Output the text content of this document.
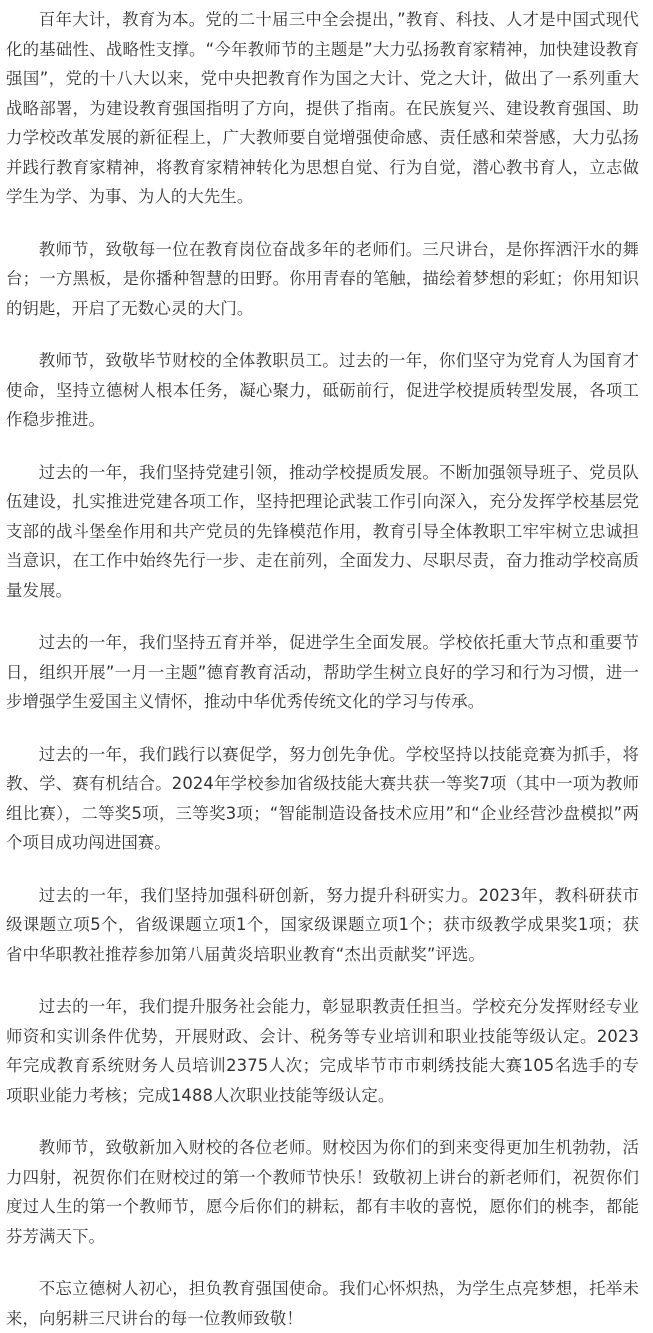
百年大计，教育为本。党的二十届三中全会提出，”教育、科技、人才是中国式现代化的基础性、战略性支撑。“今年教师节的主题是”大力弘扬教育家精神，加快建设教育强国”，党的十八大以来，党中央把教育作为国之大计、党之大计，做出了一系列重大战略部署，为建设教育强国指明了方向，提供了指南。在民族复兴、建设教育强国、助力学校改革发展的新征程上，广大教师要自觉增强使命感、责任感和荣誉感，大力弘扬并践行教育家精神，将教育家精神转化为思想自觉、行为自觉，潜心教书育人，立志做学生为学、为事、为人的大先生。

教师节，致敬每一位在教育岗位奋战多年的老师们。三尺讲台，是你挥洒汗水的舞台；一方黑板，是你播种智慧的田野。你用青春的笔触，描绘着梦想的彩虹；你用知识的钥匙，开启了无数心灵的大门。

教师节，致敬毕节财校的全体教职员工。过去的一年，你们坚守为党育人为国育才使命，坚持立德树人根本任务，凝心聚力，砥砺前行，促进学校提质转型发展，各项工作稳步推进。

过去的一年，我们坚持党建引领，推动学校提质发展。不断加强领导班子、党员队伍建设，扎实推进党建各项工作，坚持把理论武装工作引向深入，充分发挥学校基层党支部的战斗堡垒作用和共产党员的先锋模范作用，教育引导全体教职工牢牢树立忠诚担当意识，在工作中始终先行一步、走在前列，全面发力、尽职尽责，奋力推动学校高质量发展。

过去的一年，我们坚持五育并举，促进学生全面发展。学校依托重大节点和重要节日，组织开展”一月一主题”德育教育活动，帮助学生树立良好的学习和行为习惯，进一步增强学生爱国主义情怀，推动中华优秀传统文化的学习与传承。

过去的一年，我们践行以赛促学，努力创先争优。学校坚持以技能竞赛为抓手，将教、学、赛有机结合。2024年学校参加省级技能大赛共获一等奖7项（其中一项为教师组比赛），二等奖5项，三等奖3项；“智能制造设备技术应用”和“企业经营沙盘模拟”两个项目成功闯进国赛。

过去的一年，我们坚持加强科研创新，努力提升科研实力。2023年，教科研获市级课题立项5个，省级课题立项1个，国家级课题立项1个；获市级教学成果奖1项；获省中华职教社推荐参加第八届黄炎培职业教育“杰出贡献奖”评选。

过去的一年，我们提升服务社会能力，彰显职教责任担当。学校充分发挥财经专业师资和实训条件优势，开展财政、会计、税务等专业培训和职业技能等级认定。2023年完成教育系统财务人员培训2375人次；完成毕节市市刺绣技能大赛105名选手的专项职业能力考核；完成1488人次职业技能等级认定。

教师节，致敬新加入财校的各位老师。财校因为你们的到来变得更加生机勃勃，活力四射，祝贺你们在财校过的第一个教师节快乐！致敬初上讲台的新老师们，祝贺你们度过人生的第一个教师节，愿今后你们的耕耘，都有丰收的喜悦，愿你们的桃李，都能芬芳满天下。

不忘立德树人初心，担负教育强国使命。我们心怀炽热，为学生点亮梦想，托举未来，向躬耕三尺讲台的每一位教师致敬！
